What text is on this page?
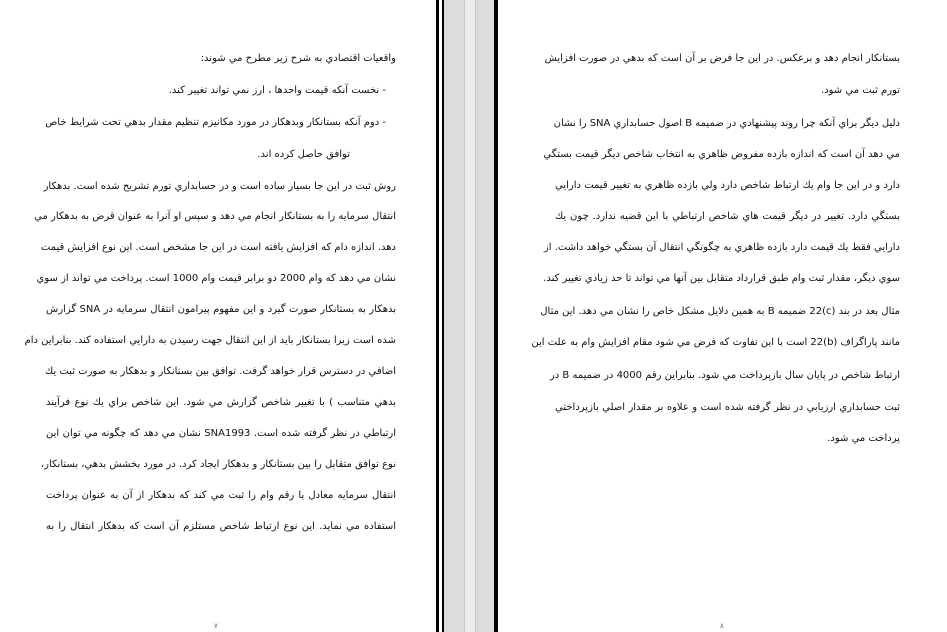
واقعيات اقتصادي به شرح زير مطرح مي شوند:
- نخست آنكه قيمت واحدها ، ارز نمي تواند تغيير كند.
- دوم آنكه بستانكار وبدهكار در مورد مكانيزم تنظيم مقدار بدهي تحت شرايط خاص
توافق حاصل كرده اند.
روش ثبت در اين جا بسيار ساده است و در حسابداري تورم تشريح شده است. بدهكار
انتقال سرمايه را به بستانكار انجام مي دهد و سپس او آنرا به عنوان قرض به بدهكار مي
دهد. اندازه دام كه افزايش يافته است در اين جا مشخص است. اين نوع افزايش قيمت
نشان مي دهد كه وام 2000 دو برابر قيمت وام 1000 است. پرداخت مي تواند از سوي
بدهكار به بستانكار صورت گيرد و اين مفهوم پيرامون انتقال سرمايه در SNA گزارش
شده است زيرا بستانكار بايد از اين انتقال جهت رسيدن به دارايي استفاده كند. بنابراين دام
اضافي در دسترس قرار خواهد گرفت. توافق بين بستانكار و بدهكار به صورت ثبت يك
بدهي متناسب ) با تغيير شاخص گزارش مي شود. اين شاخص براي يك نوع فرآيند
ارتباطي در نظر گرفته شده است. SNA1993 نشان مي دهد كه چگونه مي توان اين
نوع توافق متقابل را بين بستانكار و بدهكار ايجاد كرد. در مورد بخشش بدهي، بستانكار،
انتقال سرمايه معادل با رقم وام را ثبت مي كند كه بدهكار از آن به عنوان پرداخت
استفاده مي نمايد. اين نوع ارتباط شاخص مستلزم آن است كه بدهكار انتقال را به
۷
بستانكار انجام دهد و برعكس. در اين جا فرض بر آن است كه بدهي در صورت افزايش
تورم ثبت مي شود.
دليل ديگر براي آنكه چرا روند پيشنهادي در ضميمه B اصول حسابداري SNA را نشان
مي دهد آن است كه اندازه بازده مفروض ظاهري به انتخاب شاخص ديگر قيمت بستگي
دارد و در اين جا وام يك ارتباط شاخص دارد ولي بازده ظاهري به تغيير قيمت دارايي
بستگي دارد. تغيير در ديگر قيمت هاي شاخص ارتباطي با اين قضيه ندارد. چون يك
دارايي فقط يك قيمت دارد بازده ظاهري به چگونگي انتقال آن بستگي خواهد داشت. از
سوي ديگر، مقدار ثبت وام طبق قرارداد متقابل بين آنها مي تواند تا حد زيادي تغيير كند.
مثال بعد در بند (c)22 ضميمه B به همين دلايل مشكل خاص را نشان مي دهد. اين مثال
مانند پاراگراف (b)22 است با اين تفاوت كه فرض مي شود مقام افزايش وام به علت اين
ارتباط شاخص در پايان سال بازپرداخت مي شود. بنابراين رقم 4000 در ضميمه B در
ثبت حسابداري ارزيابي در نظر گرفته شده است و علاوه بر مقدار اصلي بازپرداختي
پرداخت مي شود.
۸
